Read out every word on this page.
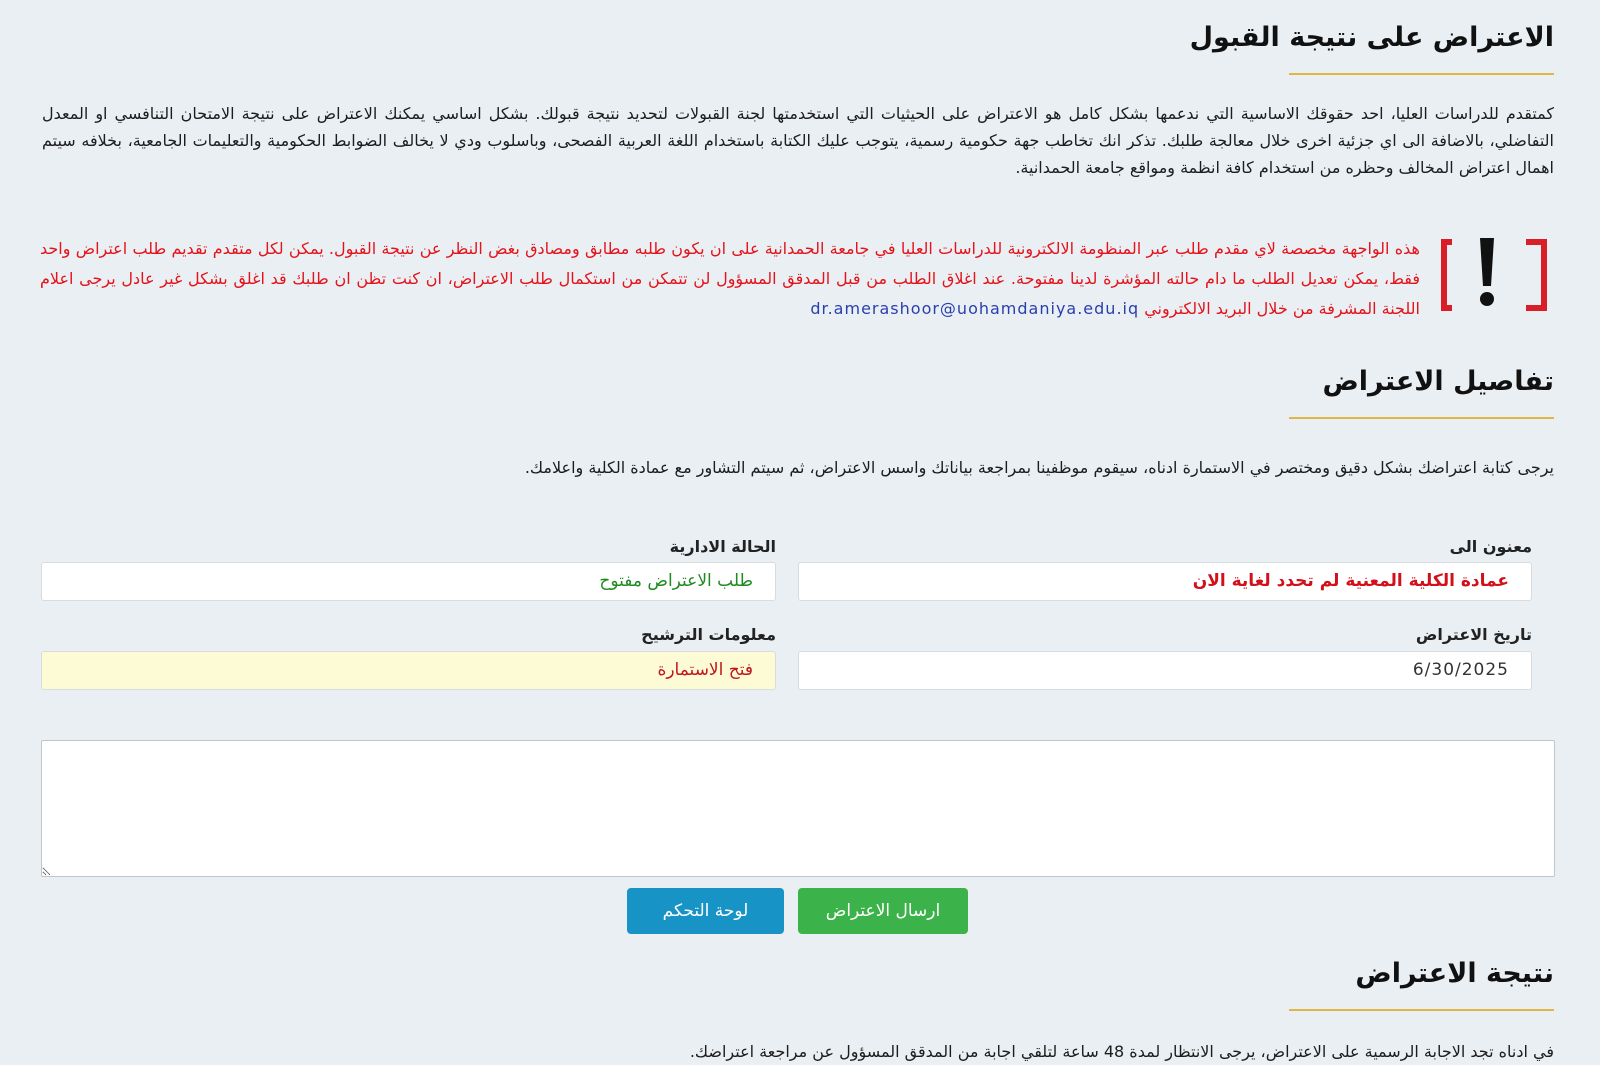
الاعتراض على نتيجة القبول

كمتقدم للدراسات العليا، احد حقوقك الاساسية التي ندعمها بشكل كامل هو الاعتراض على الحيثيات التي استخدمتها لجنة القبولات لتحديد نتيجة قبولك. بشكل اساسي يمكنك الاعتراض على نتيجة الامتحان التنافسي او المعدل التفاضلي، بالاضافة الى اي جزئية اخرى خلال معالجة طلبك. تذكر انك تخاطب جهة حكومية رسمية، يتوجب عليك الكتابة باستخدام اللغة العربية الفصحى، وباسلوب ودي لا يخالف الضوابط الحكومية والتعليمات الجامعية، بخلافه سيتم اهمال اعتراض المخالف وحظره من استخدام كافة انظمة ومواقع جامعة الحمدانية.

هذه الواجهة مخصصة لاي مقدم طلب عبر المنظومة الالكترونية للدراسات العليا في جامعة الحمدانية على ان يكون طلبه مطابق ومصادق بغض النظر عن نتيجة القبول. يمكن لكل متقدم تقديم طلب اعتراض واحد فقط، يمكن تعديل الطلب ما دام حالته المؤشرة لدينا مفتوحة. عند اغلاق الطلب من قبل المدقق المسؤول لن تتمكن من استكمال طلب الاعتراض، ان كنت تظن ان طلبك قد اغلق بشكل غير عادل يرجى اعلام اللجنة المشرفة من خلال البريد الالكتروني dr.amerashoor@uohamdaniya.edu.iq

تفاصيل الاعتراض

يرجى كتابة اعتراضك بشكل دقيق ومختصر في الاستمارة ادناه، سيقوم موظفينا بمراجعة بياناتك واسس الاعتراض، ثم سيتم التشاور مع عمادة الكلية واعلامك.

معنون الى
عمادة الكلية المعنية لم تحدد لغاية الان
الحالة الادارية
طلب الاعتراض مفتوح
تاريخ الاعتراض
6/30/2025
معلومات الترشيح
فتح الاستمارة
ارسال الاعتراض
لوحة التحكم
نتيجة الاعتراض

في ادناه تجد الاجابة الرسمية على الاعتراض، يرجى الانتظار لمدة 48 ساعة لتلقي اجابة من المدقق المسؤول عن مراجعة اعتراضك.
